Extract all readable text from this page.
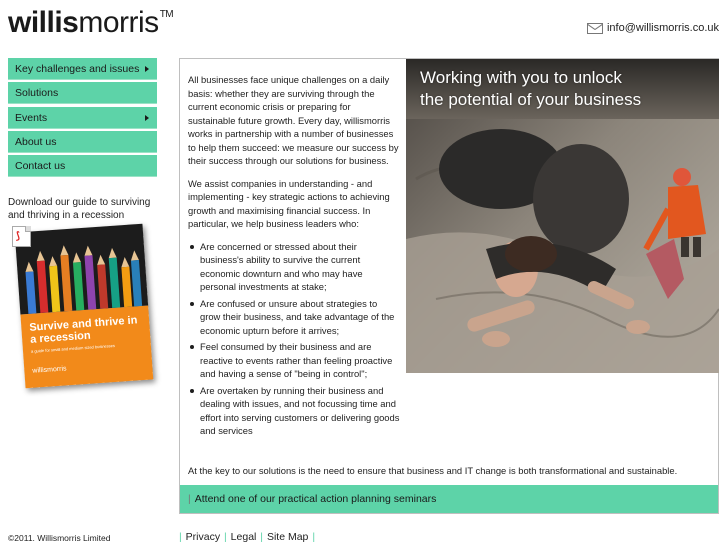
willismorris™
info@willismorris.co.uk
Key challenges and issues
Solutions
Events
About us
Contact us
Download our guide to surviving and thriving in a recession
Survive and thrive in a recession
a guide for small and medium sized businesses
willismorris
⟆

All businesses face unique challenges on a daily basis: whether they are surviving through the current economic crisis or preparing for sustainable future growth. Every day, willismorris works in partnership with a number of businesses to help them succeed: we measure our success by their success through our solutions for business.

We assist companies in understanding - and implementing - key strategic actions to achieving growth and maximising financial success. In particular, we help business leaders who:

Are concerned or stressed about their business's ability to survive the current economic downturn and who may have personal investments at stake;
Are confused or unsure about strategies to grow their business, and take advantage of the economic upturn before it arrives;
Feel consumed by their business and are reactive to events rather than feeling proactive and having a sense of "being in control";
Are overtaken by running their business and dealing with issues, and not focussing time and effort into serving customers or delivering goods and services
Working with you to unlock
the potential of your business
At the key to our solutions is the need to ensure that business and IT change is both transformational and sustainable.
| Attend one of our practical action planning seminars
©2011. Willismorris Limited	| Privacy | Legal | Site Map |
